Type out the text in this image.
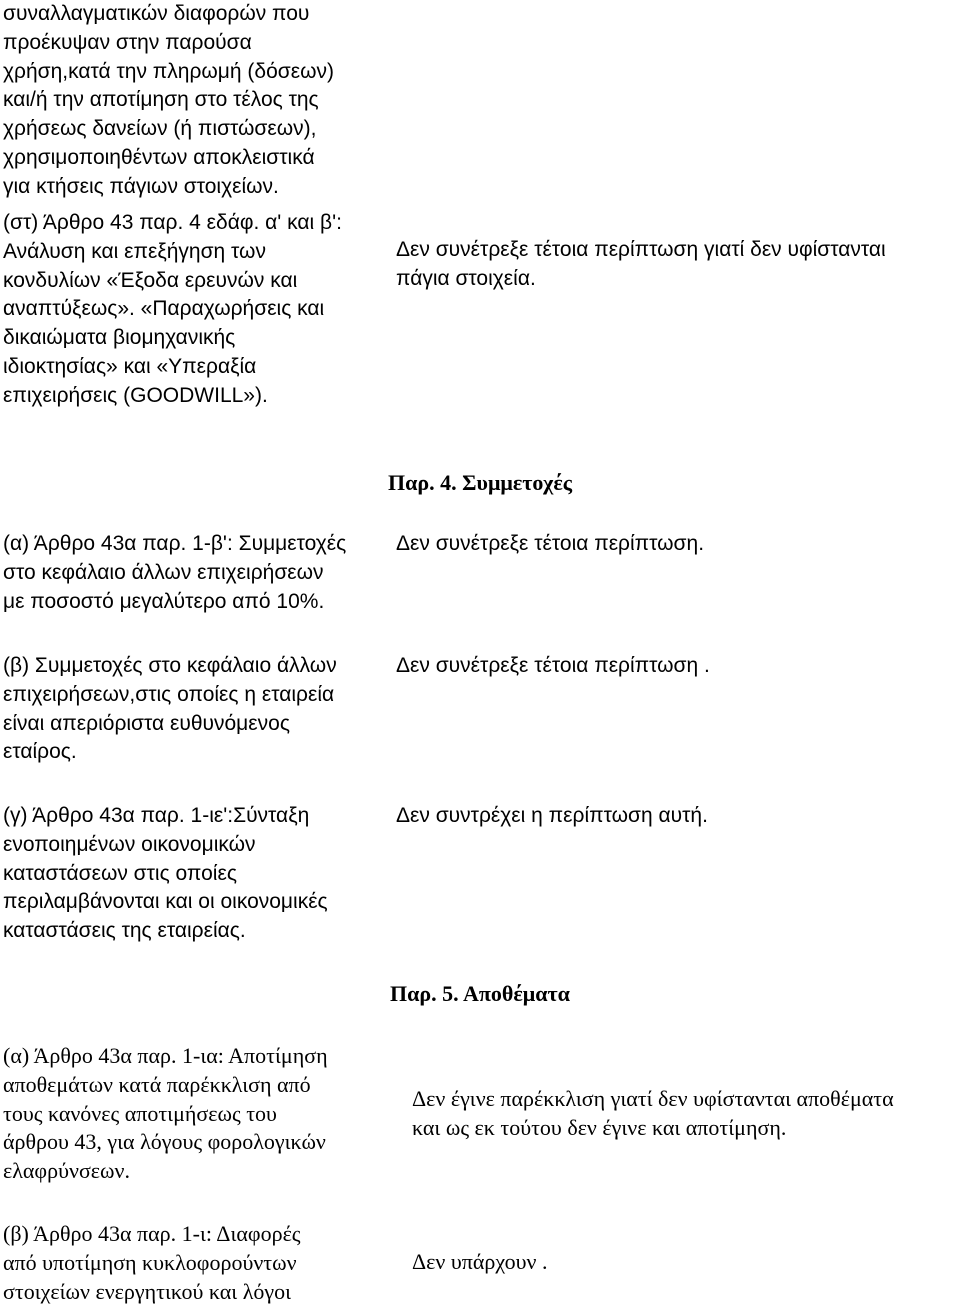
συναλλαγματικών διαφορών που
προέκυψαν στην παρούσα
χρήση,κατά την πληρωμή (δόσεων)
και/ή την αποτίμηση στο τέλος της
χρήσεως δανείων (ή πιστώσεων),
χρησιμοποιηθέντων αποκλειστικά
για κτήσεις πάγιων στοιχείων.

(στ) Άρθρο 43 παρ. 4 εδάφ. α' και β':
Ανάλυση και επεξήγηση των
κονδυλίων «Έξοδα ερευνών και
αναπτύξεως». «Παραχωρήσεις και
δικαιώματα βιομηχανικής
ιδιοκτησίας» και «Υπεραξία
επιχειρήσεις (GOODWILL»).

Δεν συνέτρεξε τέτοια περίπτωση γιατί δεν υφίστανται
πάγια στοιχεία.

Παρ. 4. Συμμετοχές

(α) Άρθρο 43α παρ. 1-β': Συμμετοχές
στο κεφάλαιο άλλων επιχειρήσεων
με ποσοστό μεγαλύτερο από 10%.

Δεν συνέτρεξε τέτοια περίπτωση.

(β) Συμμετοχές στο κεφάλαιο άλλων
επιχειρήσεων,στις οποίες η εταιρεία
είναι απεριόριστα ευθυνόμενος
εταίρος.

Δεν συνέτρεξε τέτοια περίπτωση .

(γ) Άρθρο 43α παρ. 1-ιε':Σύνταξη
ενοποιημένων οικονομικών
καταστάσεων στις οποίες
περιλαμβάνονται και οι οικονομικές
καταστάσεις της εταιρείας.

Δεν συντρέχει η περίπτωση αυτή.

Παρ. 5. Αποθέματα

(α) Άρθρο 43α παρ. 1-ια: Αποτίμηση
αποθεμάτων κατά παρέκκλιση από
τους κανόνες αποτιμήσεως του
άρθρου 43, για λόγους φορολογικών
ελαφρύνσεων.

Δεν έγινε παρέκκλιση γιατί δεν υφίστανται αποθέματα
και ως εκ τούτου δεν έγινε και αποτίμηση.

(β) Άρθρο 43α παρ. 1-ι: Διαφορές
από υποτίμηση κυκλοφορούντων
στοιχείων ενεργητικού και λόγοι

Δεν υπάρχουν .
